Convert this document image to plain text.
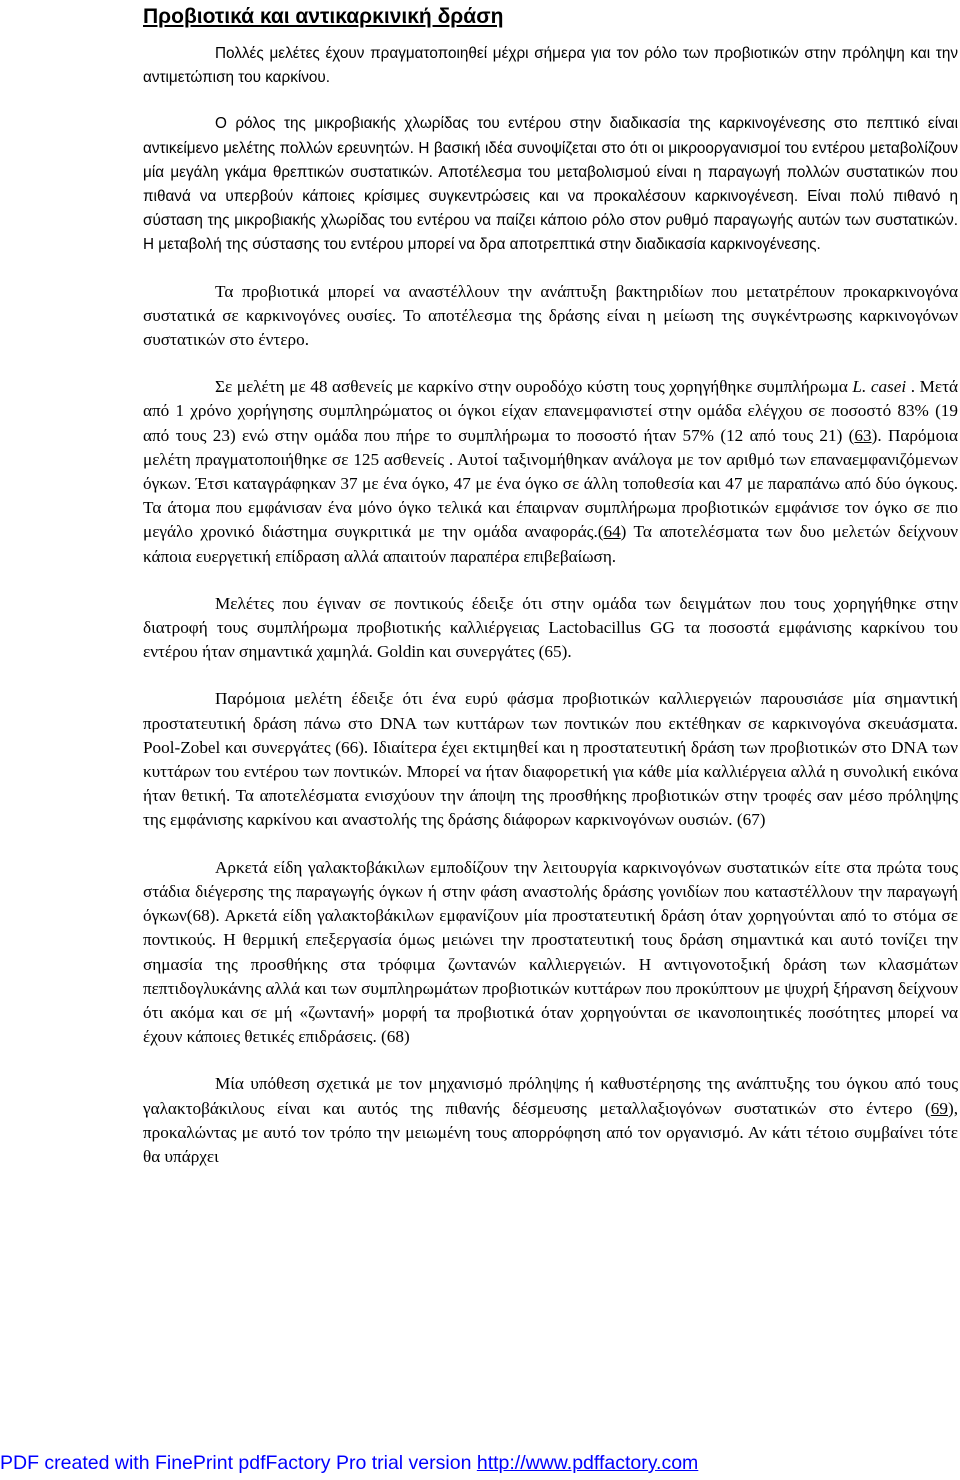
Προβιοτικά και αντικαρκινική δράση

Πολλές μελέτες έχουν πραγματοποιηθεί μέχρι σήμερα για τον ρόλο των προβιοτικών στην πρόληψη και την αντιμετώπιση του καρκίνου.

Ο ρόλος της μικροβιακής χλωρίδας του εντέρου στην διαδικασία της καρκινογένεσης στο πεπτικό είναι αντικείμενο μελέτης πολλών ερευνητών. Η βασική ιδέα συνοψίζεται στο ότι οι μικροοργανισμοί του εντέρου μεταβολίζουν μία μεγάλη γκάμα θρεπτικών συστατικών. Αποτέλεσμα του μεταβολισμού είναι η παραγωγή πολλών συστατικών που πιθανά να υπερβούν κάποιες κρίσιμες συγκεντρώσεις και να προκαλέσουν καρκινογένεση. Είναι πολύ πιθανό η σύσταση της μικροβιακής χλωρίδας του εντέρου να παίζει κάποιο ρόλο στον ρυθμό παραγωγής αυτών των συστατικών. Η μεταβολή της σύστασης του εντέρου μπορεί να δρα αποτρεπτικά στην διαδικασία καρκινογένεσης.

Τα προβιοτικά μπορεί να αναστέλλουν την ανάπτυξη βακτηριδίων που μετατρέπουν προκαρκινογόνα συστατικά σε καρκινογόνες ουσίες. Το αποτέλεσμα της δράσης είναι η μείωση της συγκέντρωσης καρκινογόνων συστατικών στο έντερο.

Σε μελέτη με 48 ασθενείς με καρκίνο στην ουροδόχο κύστη τους χορηγήθηκε συμπλήρωμα L. casei . Μετά από 1 χρόνο χορήγησης συμπληρώματος οι όγκοι είχαν επανεμφανιστεί στην ομάδα ελέγχου σε ποσοστό 83% (19 από τους 23) ενώ στην ομάδα που πήρε το συμπλήρωμα το ποσοστό ήταν 57% (12 από τους 21) (63). Παρόμοια μελέτη πραγματοποιήθηκε σε 125 ασθενείς . Αυτοί ταξινομήθηκαν ανάλογα με τον αριθμό των επαναεμφανιζόμενων όγκων. Έτσι καταγράφηκαν 37 με ένα όγκο, 47 με ένα όγκο σε άλλη τοποθεσία και 47 με παραπάνω από δύο όγκους. Τα άτομα που εμφάνισαν ένα μόνο όγκο τελικά και έπαιρναν συμπλήρωμα προβιοτικών εμφάνισε τον όγκο σε πιο μεγάλο χρονικό διάστημα συγκριτικά με την ομάδα αναφοράς.(64) Τα αποτελέσματα των δυο μελετών δείχνουν κάποια ευεργετική επίδραση αλλά απαιτούν παραπέρα επιβεβαίωση.

Μελέτες που έγιναν σε ποντικούς έδειξε ότι στην ομάδα των δειγμάτων που τους χορηγήθηκε στην διατροφή τους συμπλήρωμα προβιοτικής καλλιέργειας Lactobacillus GG τα ποσοστά εμφάνισης καρκίνου του εντέρου ήταν σημαντικά χαμηλά. Goldin και συνεργάτες (65).

Παρόμοια μελέτη έδειξε ότι ένα ευρύ φάσμα προβιοτικών καλλιεργειών παρουσιάσε μία σημαντική προστατευτική δράση πάνω στο DNA των κυττάρων των ποντικών που εκτέθηκαν σε καρκινογόνα σκευάσματα. Pool-Zobel και συνεργάτες (66). Ιδιαίτερα έχει εκτιμηθεί και η προστατευτική δράση των προβιοτικών στο DNA των κυττάρων του εντέρου των ποντικών. Μπορεί να ήταν διαφορετική για κάθε μία καλλιέργεια αλλά η συνολική εικόνα ήταν θετική. Τα αποτελέσματα ενισχύουν την άποψη της προσθήκης προβιοτικών στην τροφές σαν μέσο πρόληψης της εμφάνισης καρκίνου και αναστολής της δράσης διάφορων καρκινογόνων ουσιών. (67)

Αρκετά είδη γαλακτοβάκιλων εμποδίζουν την λειτουργία καρκινογόνων συστατικών είτε στα πρώτα τους στάδια διέγερσης της παραγωγής όγκων ή στην φάση αναστολής δράσης γονιδίων που καταστέλλουν την παραγωγή όγκων(68). Αρκετά είδη γαλακτοβάκιλων εμφανίζουν μία προστατευτική δράση όταν χορηγούνται από το στόμα σε ποντικούς. Η θερμική επεξεργασία όμως μειώνει την προστατευτική τους δράση σημαντικά και αυτό τονίζει την σημασία της προσθήκης στα τρόφιμα ζωντανών καλλιεργειών. Η αντιγονοτοξική δράση των κλασμάτων πεπτιδογλυκάνης αλλά και των συμπληρωμάτων προβιοτικών κυττάρων που προκύπτουν με ψυχρή ξήρανση δείχνουν ότι ακόμα και σε μή «ζωντανή» μορφή τα προβιοτικά όταν χορηγούνται σε ικανοποιητικές ποσότητες μπορεί να έχουν κάποιες θετικές επιδράσεις. (68)

Μία υπόθεση σχετικά με τον μηχανισμό πρόληψης ή καθυστέρησης της ανάπτυξης του όγκου από τους γαλακτοβάκιλους είναι και αυτός της πιθανής δέσμευσης μεταλλαξιογόνων συστατικών στο έντερο (69), προκαλώντας με αυτό τον τρόπο την μειωμένη τους απορρόφηση από τον οργανισμό. Αν κάτι τέτοιο συμβαίνει τότε θα υπάρχει

PDF created with FinePrint pdfFactory Pro trial version http://www.pdffactory.com
